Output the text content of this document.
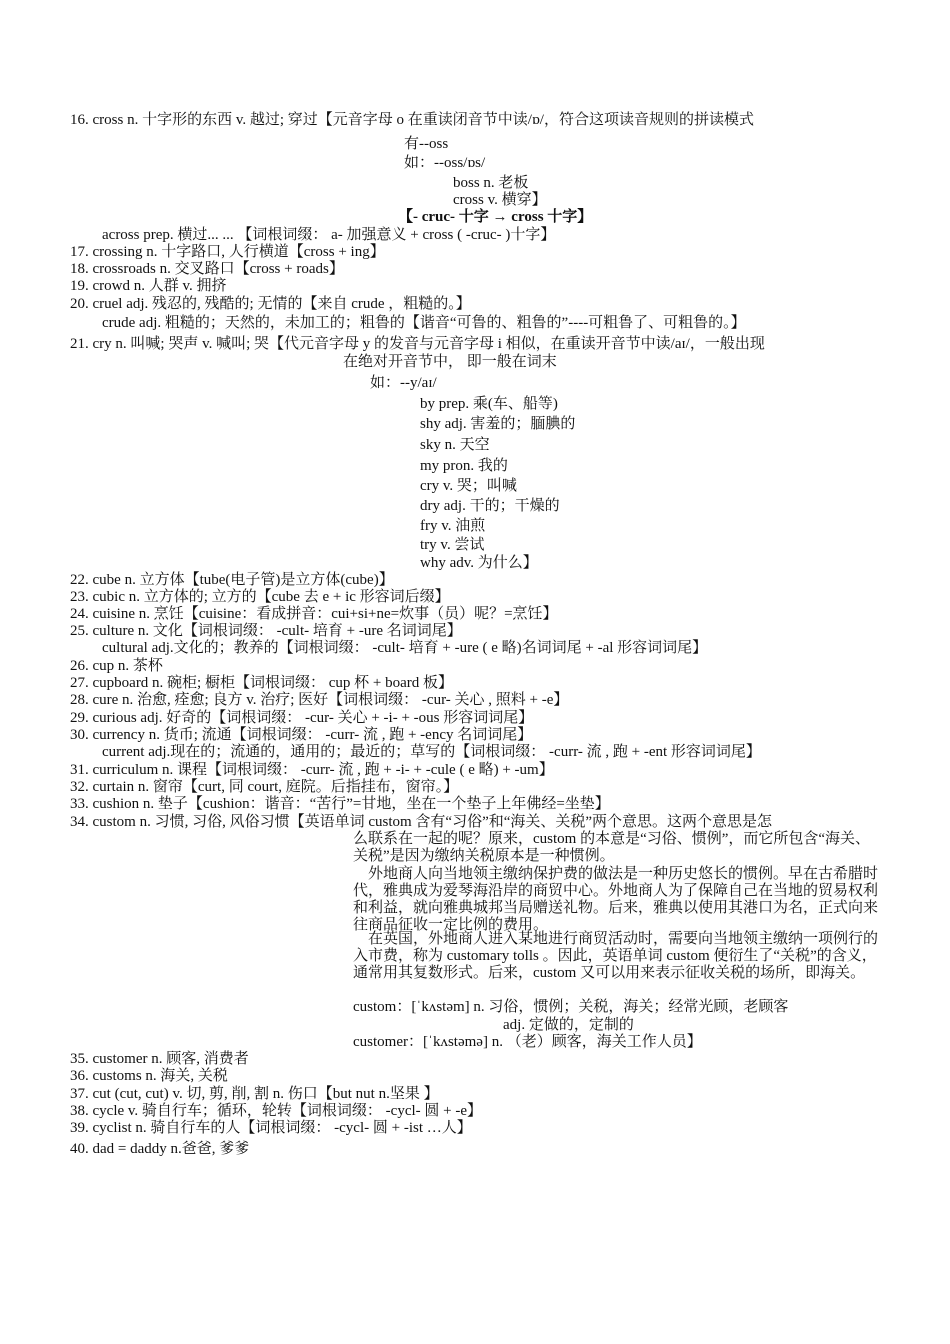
16. cross n. 十字形的东西 v. 越过; 穿过【元音字母 o 在重读闭音节中读/ɒ/，符合这项读音规则的拼读模式
有--oss
如：--oss/ɒs/
boss n. 老板
cross v. 横穿】
【- cruc- 十字 → cross 十字】
across prep. 横过... ... 【词根词缀： a- 加强意义 + cross ( -cruc- )十字】
17. crossing n. 十字路口, 人行横道【cross + ing】
18. crossroads n. 交叉路口【cross + roads】
19. crowd n. 人群 v. 拥挤
20. cruel adj. 残忍的, 残酷的; 无情的【来自 crude ，粗糙的。】
crude adj. 粗糙的；天然的，未加工的；粗鲁的【谐音“可鲁的、粗鲁的”----可粗鲁了、可粗鲁的。】
21. cry n. 叫喊; 哭声 v. 喊叫; 哭【代元音字母 y 的发音与元音字母 i 相似，在重读开音节中读/aɪ/，一般出现
在绝对开音节中， 即一般在词末
如：--y/aɪ/
by prep. 乘(车、船等)
shy adj. 害羞的；腼腆的
sky n. 天空
my pron. 我的
cry v. 哭；叫喊
dry adj. 干的；干燥的
fry v. 油煎
try v. 尝试
why adv. 为什么】
22. cube n. 立方体【tube(电子管)是立方体(cube)】
23. cubic n. 立方体的; 立方的【cube 去 e + ic 形容词后缀】
24. cuisine n. 烹饪【cuisine：看成拼音：cui+si+ne=炊事（员）呢？=烹饪】
25. culture n. 文化【词根词缀： -cult- 培育 + -ure 名词词尾】
cultural adj.文化的；教养的【词根词缀： -cult- 培育 + -ure ( e 略)名词词尾 + -al 形容词词尾】
26. cup n. 茶杯
27. cupboard n. 碗柜; 橱柜【词根词缀： cup 杯 + board 板】
28. cure n. 治愈, 痊愈; 良方 v. 治疗; 医好【词根词缀： -cur- 关心 , 照料 + -e】
29. curious adj. 好奇的【词根词缀： -cur- 关心 + -i- + -ous 形容词词尾】
30. currency n. 货币; 流通【词根词缀： -curr- 流 , 跑 + -ency 名词词尾】
current adj.现在的；流通的，通用的；最近的；草写的【词根词缀： -curr- 流 , 跑 + -ent 形容词词尾】
31. curriculum n. 课程【词根词缀： -curr- 流 , 跑 + -i- + -cule ( e 略) + -um】
32. curtain n. 窗帘【curt, 同 court, 庭院。后指挂布，窗帘。】
33. cushion n. 垫子【cushion：谐音：“苦行”=甘地，坐在一个垫子上年佛经=坐垫】
34. custom n. 习惯, 习俗, 风俗习惯【英语单词 custom 含有“习俗”和“海关、关税”两个意思。这两个意思是怎
么联系在一起的呢？原来，custom 的本意是“习俗、惯例”，而它所包含“海关、关税”是因为缴纳关税原本是一种惯例。
外地商人向当地领主缴纳保护费的做法是一种历史悠长的惯例。早在古希腊时代，雅典成为爱琴海沿岸的商贸中心。外地商人为了保障自己在当地的贸易权利和利益，就向雅典城邦当局赠送礼物。后来，雅典以使用其港口为名，正式向来往商品征收一定比例的费用。
在英国，外地商人进入某地进行商贸活动时，需要向当地领主缴纳一项例行的入市费，称为 customary tolls 。因此，英语单词 custom 便衍生了“关税”的含义，通常用其复数形式。后来，custom 又可以用来表示征收关税的场所，即海关。
custom：[ˈkʌstəm] n. 习俗，惯例；关税，海关；经常光顾，老顾客
adj. 定做的，定制的
customer：[ˈkʌstəmə] n. （老）顾客，海关工作人员】
35. customer n. 顾客, 消费者
36. customs n. 海关, 关税
37. cut (cut, cut) v. 切, 剪, 削, 割 n. 伤口【but nut n.坚果 】
38. cycle v. 骑自行车；循环，轮转【词根词缀： -cycl- 圆 + -e】
39. cyclist n. 骑自行车的人【词根词缀： -cycl- 圆 + -ist …人】
40. dad = daddy n.爸爸, 爹爹
